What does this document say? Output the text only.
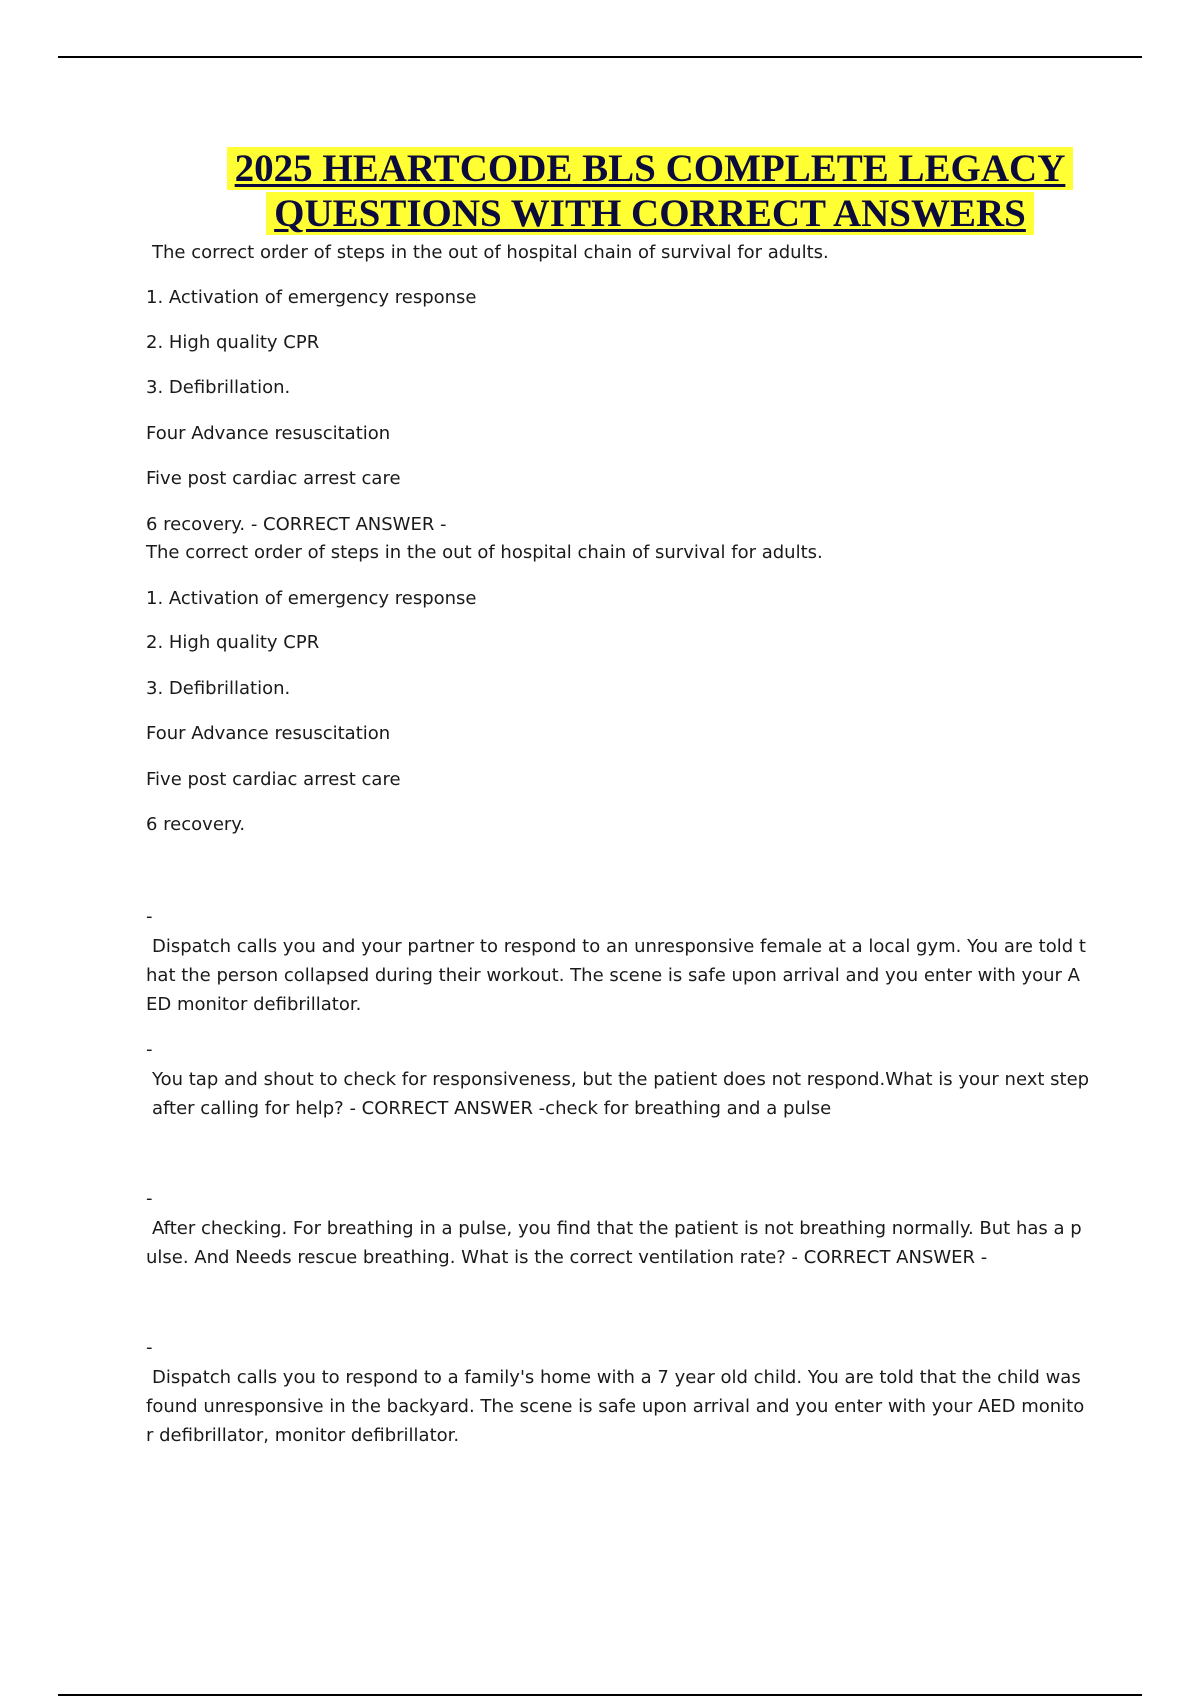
2025 HEARTCODE BLS COMPLETE LEGACY
QUESTIONS WITH CORRECT ANSWERS
The correct order of steps in the out of hospital chain of survival for adults.
1. Activation of emergency response
2. High quality CPR
3. Defibrillation.
Four Advance resuscitation
Five post cardiac arrest care
6 recovery. - CORRECT ANSWER -
The correct order of steps in the out of hospital chain of survival for adults.
1. Activation of emergency response
2. High quality CPR
3. Defibrillation.
Four Advance resuscitation
Five post cardiac arrest care
6 recovery.
-
Dispatch calls you and your partner to respond to an unresponsive female at a local gym. You are told t
hat the person collapsed during their workout. The scene is safe upon arrival and you enter with your A
ED monitor defibrillator.
-
You tap and shout to check for responsiveness, but the patient does not respond.What is your next step
after calling for help? - CORRECT ANSWER -check for breathing and a pulse
-
After checking. For breathing in a pulse, you find that the patient is not breathing normally. But has a p
ulse. And Needs rescue breathing. What is the correct ventilation rate? - CORRECT ANSWER -
-
Dispatch calls you to respond to a family's home with a 7 year old child. You are told that the child was
found unresponsive in the backyard. The scene is safe upon arrival and you enter with your AED monito
r defibrillator, monitor defibrillator.
